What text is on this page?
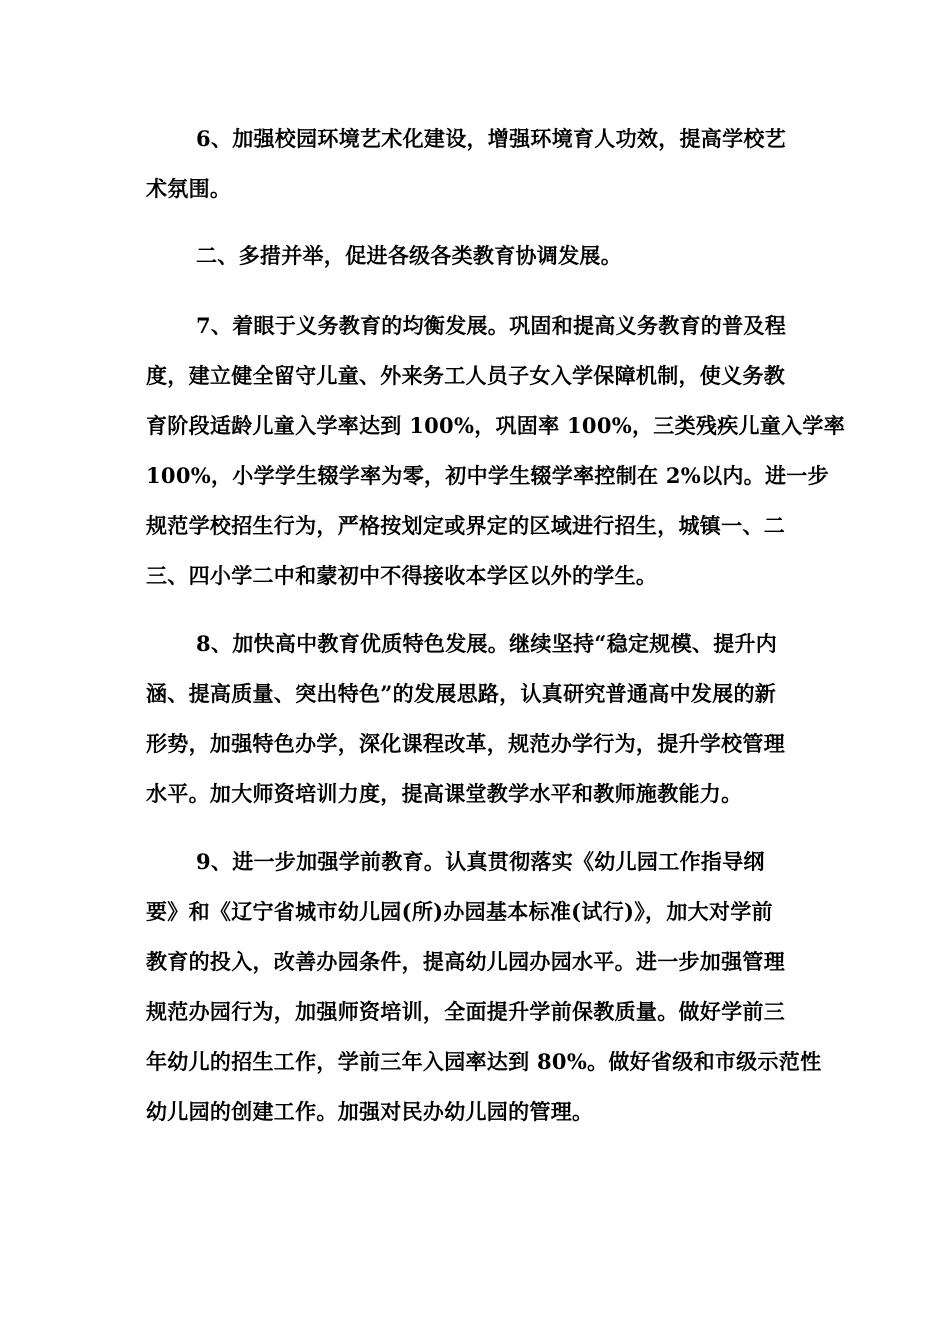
6、加强校园环境艺术化建设，增强环境育人功效，提高学校艺
术氛围。
二、多措并举，促进各级各类教育协调发展。
7、着眼于义务教育的均衡发展。巩固和提高义务教育的普及程
度，建立健全留守儿童、外来务工人员子女入学保障机制，使义务教
育阶段适龄儿童入学率达到 100%，巩固率 100%，三类残疾儿童入学率
100%，小学学生辍学率为零，初中学生辍学率控制在 2%以内。进一步
规范学校招生行为，严格按划定或界定的区域进行招生，城镇一、二
三、四小学二中和蒙初中不得接收本学区以外的学生。
8、加快高中教育优质特色发展。继续坚持“稳定规模、提升内
涵、提高质量、突出特色”的发展思路，认真研究普通高中发展的新
形势，加强特色办学，深化课程改革，规范办学行为，提升学校管理
水平。加大师资培训力度，提高课堂教学水平和教师施教能力。
9、进一步加强学前教育。认真贯彻落实《幼儿园工作指导纲
要》和《辽宁省城市幼儿园(所)办园基本标准(试行)》，加大对学前
教育的投入，改善办园条件，提高幼儿园办园水平。进一步加强管理
规范办园行为，加强师资培训，全面提升学前保教质量。做好学前三
年幼儿的招生工作，学前三年入园率达到 80%。做好省级和市级示范性
幼儿园的创建工作。加强对民办幼儿园的管理。
